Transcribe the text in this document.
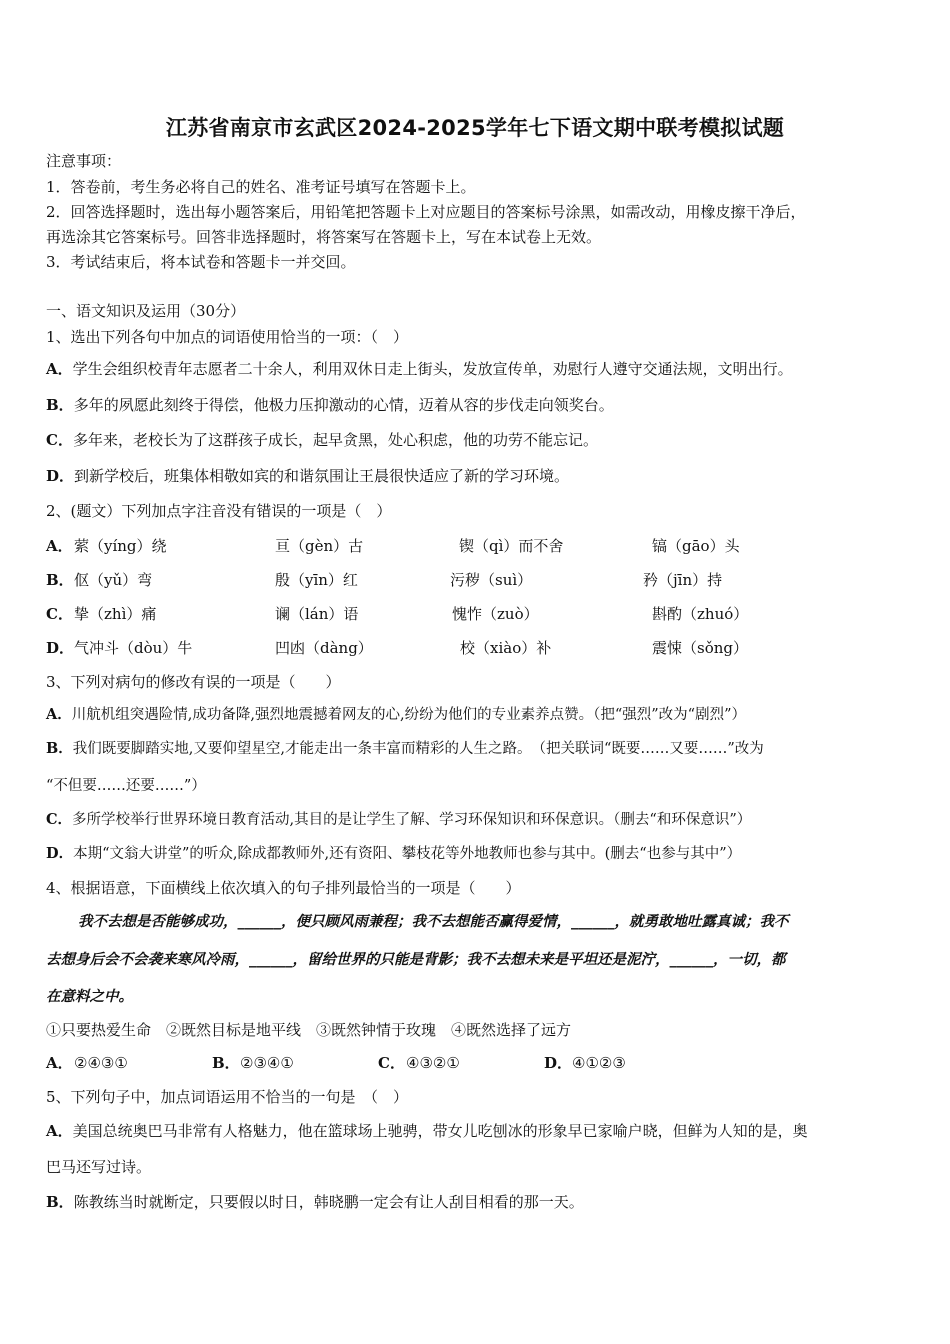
江苏省南京市玄武区2024-2025学年七下语文期中联考模拟试题
注意事项：
1．答卷前，考生务必将自己的姓名、准考证号填写在答题卡上。
2．回答选择题时，选出每小题答案后，用铅笔把答题卡上对应题目的答案标号涂黑，如需改动，用橡皮擦干净后，
再选涂其它答案标号。回答非选择题时，将答案写在答题卡上，写在本试卷上无效。
3．考试结束后，将本试卷和答题卡一并交回。
一、语文知识及运用（30分）
1、选出下列各句中加点的词语使用恰当的一项：（　）
A．学生会组织校青年志愿者二十余人，利用双休日走上街头，发放宣传单，劝慰行人遵守交通法规，文明出行。
B．多年的夙愿此刻终于得偿，他极力压抑激动的心情，迈着从容的步伐走向领奖台。
C．多年来，老校长为了这群孩子成长，起早贪黑，处心积虑，他的功劳不能忘记。
D．到新学校后，班集体相敬如宾的和谐氛围让王晨很快适应了新的学习环境。
2、(题文）下列加点字注音没有错误的一项是（　）
A． 萦（yíng）绕	亘（gèn）古	锲（qì）而不舍	镐（gāo）头
B． 伛（yǔ）弯	殷（yīn）红	污秽（suì）	矜（jīn）持
C． 挚（zhì）痛	谰（lán）语	愧怍（zuò）	斟酌（zhuó）
D． 气冲斗（dòu）牛	凹凼（dàng）	校（xiào）补	震悚（sǒng）
3、下列对病句的修改有误的一项是（　　）
A．川航机组突遇险情,成功备降,强烈地震撼着网友的心,纷纷为他们的专业素养点赞。（把“强烈”改为“剧烈”）
B．我们既要脚踏实地,又要仰望星空,才能走出一条丰富而精彩的人生之路。　（把关联词“既要……又要……”改为
“不但要……还要……”）
C．多所学校举行世界环境日教育活动,其目的是让学生了解、学习环保知识和环保意识。（删去“和环保意识”）
D．本期“文翁大讲堂”的听众,除成都教师外,还有资阳、攀枝花等外地教师也参与其中。(删去“也参与其中”）
4、根据语意，下面横线上依次填入的句子排列最恰当的一项是（　　）
我不去想是否能够成功，______，便只顾风雨兼程；我不去想能否赢得爱情，______，就勇敢地吐露真诚；我不
去想身后会不会袭来寒风冷雨，______，留给世界的只能是背影；我不去想未来是平坦还是泥泞，______，一切，都
在意料之中。
①只要热爱生命　②既然目标是地平线　③既然钟情于玫瑰　④既然选择了远方
A． ②④③①	B． ②③④①	C． ④③②①	D． ④①②③
5、下列句子中，加点词语运用不恰当的一句是　（　）
A．美国总统奥巴马非常有人格魅力，他在篮球场上驰骋，带女儿吃刨冰的形象早已家喻户晓，但鲜为人知的是，奥
巴马还写过诗。
B．陈教练当时就断定，只要假以时日，韩晓鹏一定会有让人刮目相看的那一天。
